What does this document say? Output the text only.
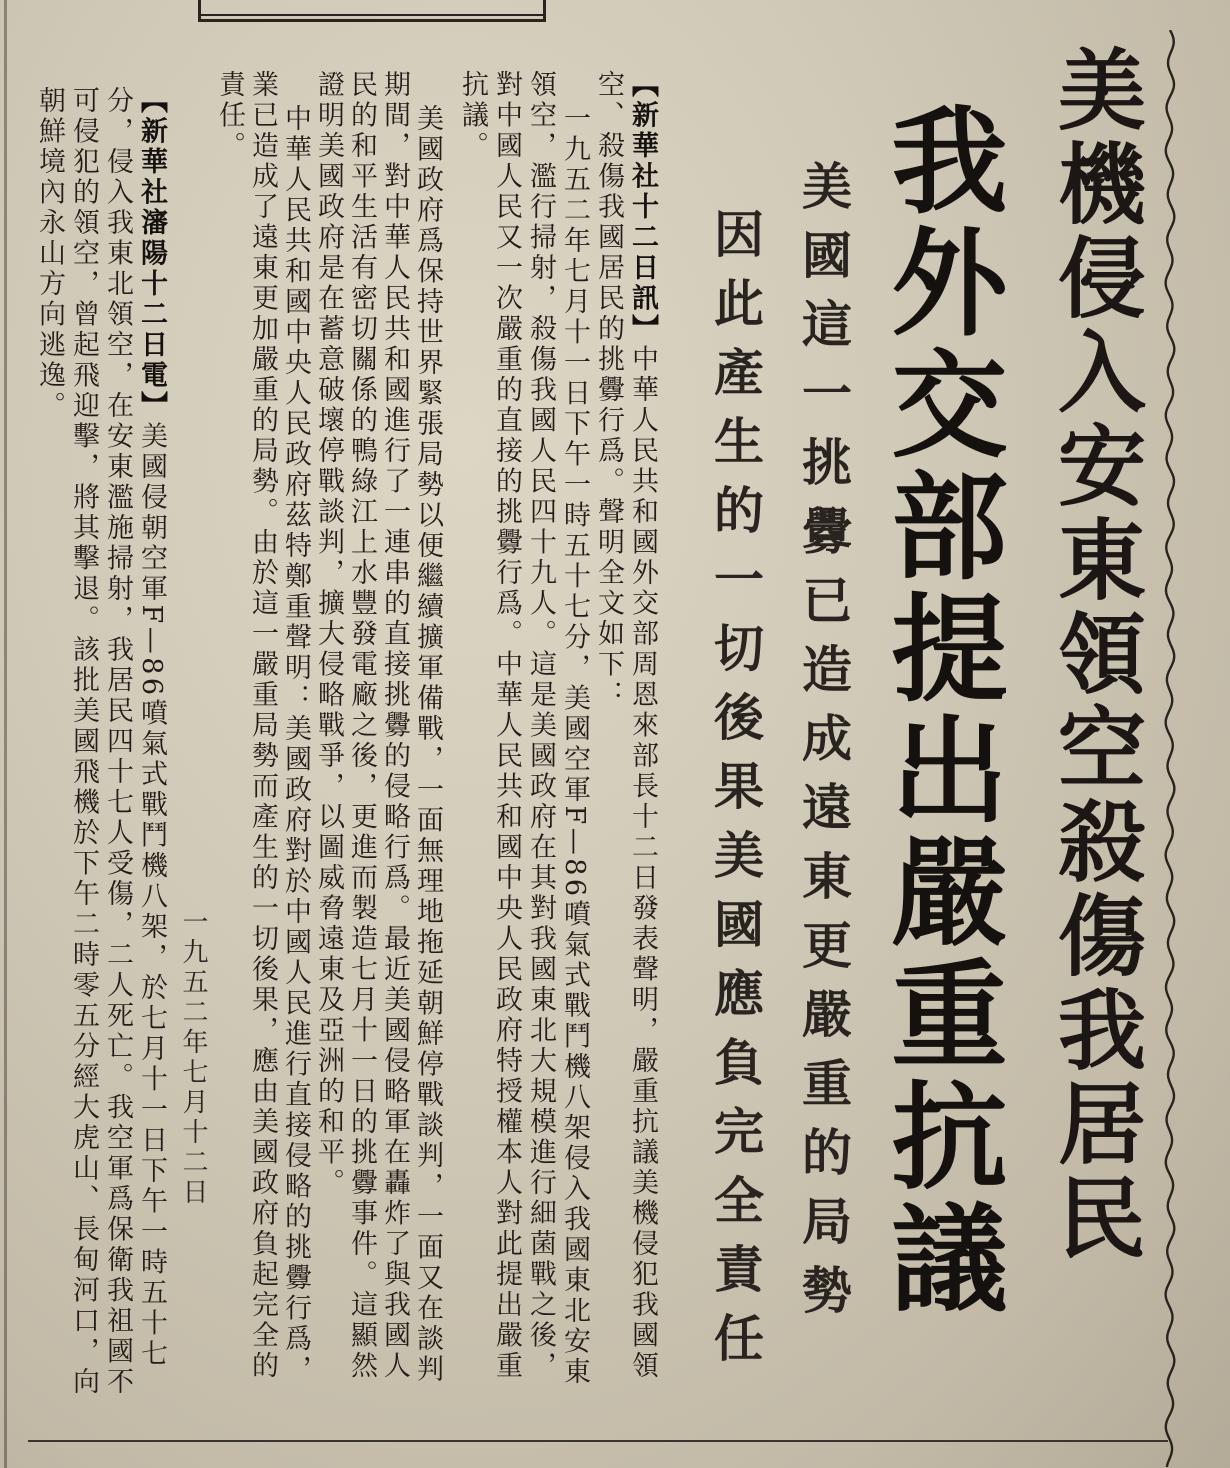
美機侵入安東領空殺傷我居民
我外交部提出嚴重抗議
美國這一挑釁已造成遠東更嚴重的局勢
因此產生的一切後果美國應負完全責任
【新華社十二日訊】中華人民共和國外交部周恩來部長十二日發表聲明，嚴重抗議美機侵犯我國領
空、殺傷我國居民的挑釁行爲。聲明全文如下：
一九五二年七月十一日下午一時五十七分，美國空軍F—86噴氣式戰鬥機八架侵入我國東北安東
領空，濫行掃射，殺傷我國人民四十九人。這是美國政府在其對我國東北大規模進行細菌戰之後，
對中國人民又一次嚴重的直接的挑釁行爲。中華人民共和國中央人民政府特授權本人對此提出嚴重
抗議。
美國政府爲保持世界緊張局勢以便繼續擴軍備戰，一面無理地拖延朝鮮停戰談判，一面又在談判
期間，對中華人民共和國進行了一連串的直接挑釁的侵略行爲。最近美國侵略軍在轟炸了與我國人
民的和平生活有密切關係的鴨綠江上水豐發電廠之後，更進而製造七月十一日的挑釁事件。這顯然
證明美國政府是在蓄意破壞停戰談判，擴大侵略戰爭，以圖威脅遠東及亞洲的和平。
中華人民共和國中央人民政府茲特鄭重聲明：美國政府對於中國人民進行直接侵略的挑釁行爲，
業已造成了遠東更加嚴重的局勢。由於這一嚴重局勢而產生的一切後果，應由美國政府負起完全的
責任。
一九五二年七月十二日
【新華社瀋陽十二日電】美國侵朝空軍F—86噴氣式戰鬥機八架，於七月十一日下午一時五十七
分，侵入我東北領空，在安東濫施掃射，我居民四十七人受傷，二人死亡。我空軍爲保衛我祖國不
可侵犯的領空，曾起飛迎擊，將其擊退。該批美國飛機於下午二時零五分經大虎山、長甸河口，向
朝鮮境內永山方向逃逸。
